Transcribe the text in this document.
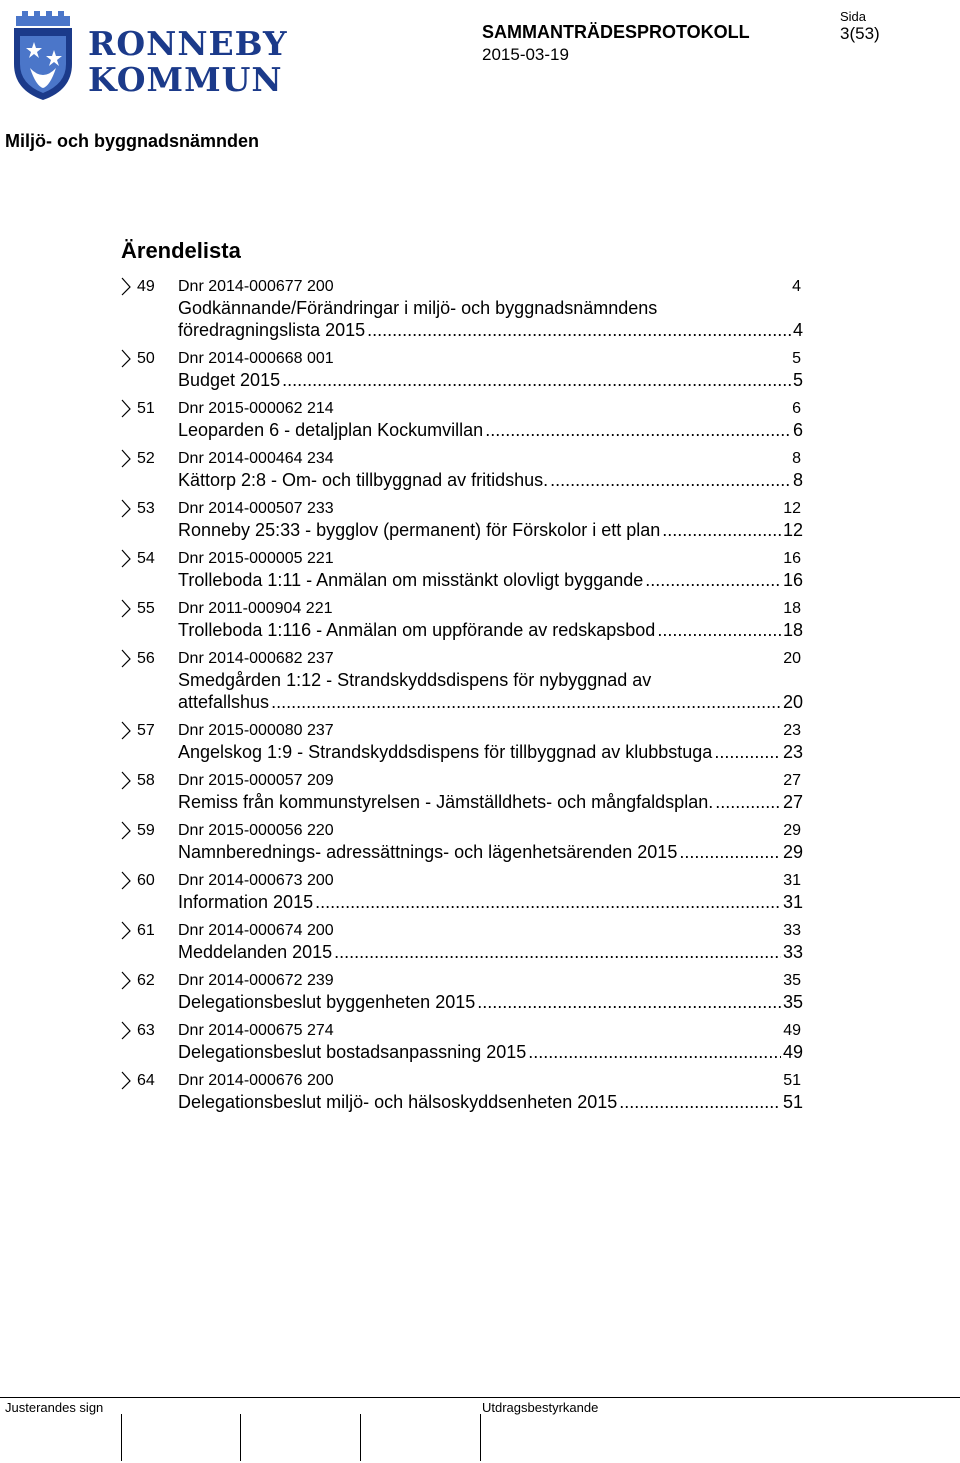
RONNEBY
KOMMUN
SAMMANTRÄDESPROTOKOLL
2015-03-19
Sida
3(53)
Miljö- och byggnadsnämnden
Ärendelista
49 Dnr 2014-000677 200	4
Godkännande/Förändringar i miljö- och byggnadsnämndens
föredragningslista 2015 .....	4
50 Dnr 2014-000668 001	5
Budget 2015 .....	5
51 Dnr 2015-000062 214	6
Leoparden 6 - detaljplan Kockumvillan .....	6
52 Dnr 2014-000464 234	8
Kättorp 2:8 - Om- och tillbyggnad av fritidshus. .....	8
53 Dnr 2014-000507 233	12
Ronneby 25:33 - bygglov (permanent) för Förskolor i ett plan .....	12
54 Dnr 2015-000005 221	16
Trolleboda 1:11 - Anmälan om misstänkt olovligt byggande .....	16
55 Dnr 2011-000904 221	18
Trolleboda 1:116 - Anmälan om uppförande av redskapsbod .....	18
56 Dnr 2014-000682 237	20
Smedgården 1:12 - Strandskyddsdispens för nybyggnad av
attefallshus .....	20
57 Dnr 2015-000080 237	23
Angelskog 1:9 - Strandskyddsdispens för tillbyggnad av klubbstuga .....	23
58 Dnr 2015-000057 209	27
Remiss från kommunstyrelsen - Jämställdhets- och mångfaldsplan. .....	27
59 Dnr 2015-000056 220	29
Namnberednings- adressättnings- och lägenhetsärenden 2015 .....	29
60 Dnr 2014-000673 200	31
Information 2015 .....	31
61 Dnr 2014-000674 200	33
Meddelanden 2015 .....	33
62 Dnr 2014-000672 239	35
Delegationsbeslut byggenheten 2015 .....	35
63 Dnr 2014-000675 274	49
Delegationsbeslut bostadsanpassning 2015 .....	49
64 Dnr 2014-000676 200	51
Delegationsbeslut miljö- och hälsoskyddsenheten 2015 .....	51
Justerandes sign	Utdragsbestyrkande
